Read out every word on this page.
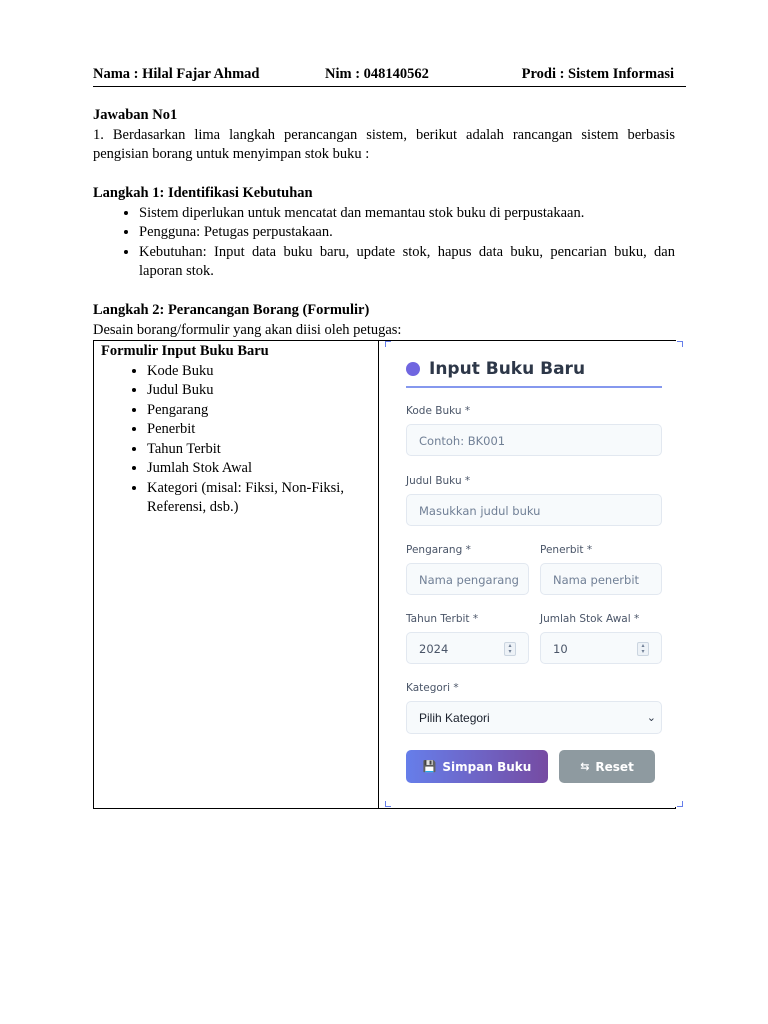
Nama : Hilal Fajar Ahmad	Nim : 048140562	Prodi : Sistem Informasi

Jawaban No1

1. Berdasarkan lima langkah perancangan sistem, berikut adalah rancangan sistem berbasis pengisian borang untuk menyimpan stok buku :

Langkah 1: Identifikasi Kebutuhan

• Sistem diperlukan untuk mencatat dan memantau stok buku di perpustakaan.
• Pengguna: Petugas perpustakaan.
• Kebutuhan: Input data buku baru, update stok, hapus data buku, pencarian buku, dan laporan stok.

Langkah 2: Perancangan Borang (Formulir)

Desain borang/formulir yang akan diisi oleh petugas:

Formulir Input Buku Baru
• Kode Buku
• Judul Buku
• Pengarang
• Penerbit
• Tahun Terbit
• Jumlah Stok Awal
• Kategori (misal: Fiksi, Non-Fiksi, Referensi, dsb.)

Input Buku Baru
Kode Buku *
Contoh: BK001
Judul Buku *
Masukkan judul buku
Pengarang *
Nama pengarang
Penerbit *
Nama penerbit
Tahun Terbit *
2024	▴
▾
Jumlah Stok Awal *
10	▴
▾
Kategori *
Pilih Kategori	⌄
💾 Simpan Buku	⇆ Reset
